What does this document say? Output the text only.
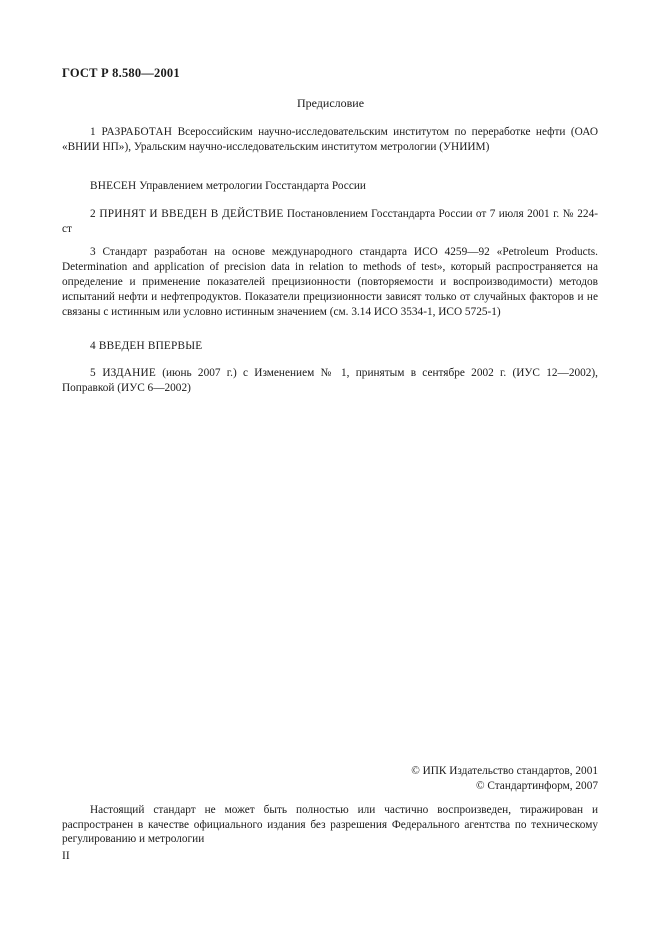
ГОСТ Р 8.580—2001
Предисловие
1 РАЗРАБОТАН Всероссийским научно-исследовательским институтом по переработке нефти (ОАО «ВНИИ НП»), Уральским научно-исследовательским институтом метрологии (УНИИМ)
ВНЕСЕН Управлением метрологии Госстандарта России
2 ПРИНЯТ И ВВЕДЕН В ДЕЙСТВИЕ Постановлением Госстандарта России от 7 июля 2001 г. № 224-ст
3 Стандарт разработан на основе международного стандарта ИСО 4259—92 «Petroleum Products. Determination and application of precision data in relation to methods of test», который распространяется на определение и применение показателей прецизионности (повторяемости и воспроизводимости) методов испытаний нефти и нефтепродуктов. Показатели прецизионности зависят только от случайных факторов и не связаны с истинным или условно истинным значением (см. 3.14 ИСО 3534-1, ИСО 5725-1)
4 ВВЕДЕН ВПЕРВЫЕ
5 ИЗДАНИЕ (июнь 2007 г.) с Изменением № 1, принятым в сентябре 2002 г. (ИУС 12—2002), Поправкой (ИУС 6—2002)
© ИПК Издательство стандартов, 2001
© Стандартинформ, 2007
Настоящий стандарт не может быть полностью или частично воспроизведен, тиражирован и распространен в качестве официального издания без разрешения Федерального агентства по техническому регулированию и метрологии
II
